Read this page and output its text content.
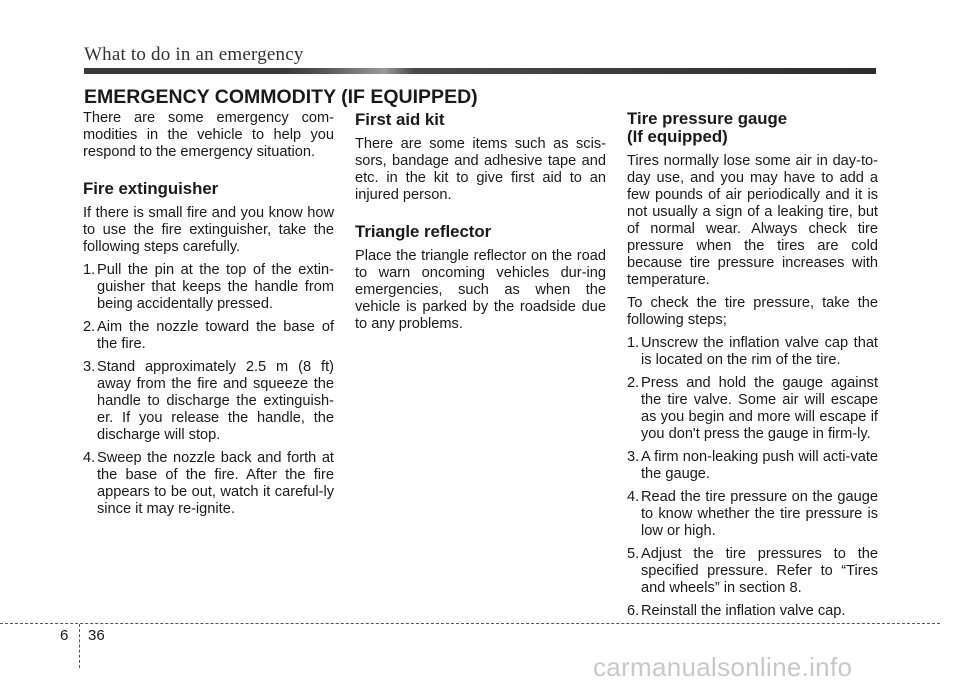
What to do in an emergency
EMERGENCY COMMODITY (IF EQUIPPED)

There are some emergency com-modities in the vehicle to help you respond to the emergency situation.

Fire extinguisher

If there is small fire and you know how to use the fire extinguisher, take the following steps carefully.

1. Pull the pin at the top of the extin-guisher that keeps the handle from being accidentally pressed.
2. Aim the nozzle toward the base of the fire.
3. Stand approximately 2.5 m (8 ft) away from the fire and squeeze the handle to discharge the extinguish-er. If you release the handle, the discharge will stop.
4. Sweep the nozzle back and forth at the base of the fire. After the fire appears to be out, watch it careful-ly since it may re-ignite.
First aid kit

There are some items such as scis-sors, bandage and adhesive tape and etc. in the kit to give first aid to an injured person.

Triangle reflector

Place the triangle reflector on the road to warn oncoming vehicles dur-ing emergencies, such as when the vehicle is parked by the roadside due to any problems.

Tire pressure gauge
(If equipped)

Tires normally lose some air in day-to-day use, and you may have to add a few pounds of air periodically and it is not usually a sign of a leaking tire, but of normal wear. Always check tire pressure when the tires are cold because tire pressure increases with temperature.

To check the tire pressure, take the following steps;

1. Unscrew the inflation valve cap that is located on the rim of the tire.
2. Press and hold the gauge against the tire valve. Some air will escape as you begin and more will escape if you don't press the gauge in firm-ly.
3. A firm non-leaking push will acti-vate the gauge.
4. Read the tire pressure on the gauge to know whether the tire pressure is low or high.
5. Adjust the tire pressures to the specified pressure. Refer to “Tires and wheels” in section 8.
6. Reinstall the inflation valve cap.
6 36
carmanualsonline.info
